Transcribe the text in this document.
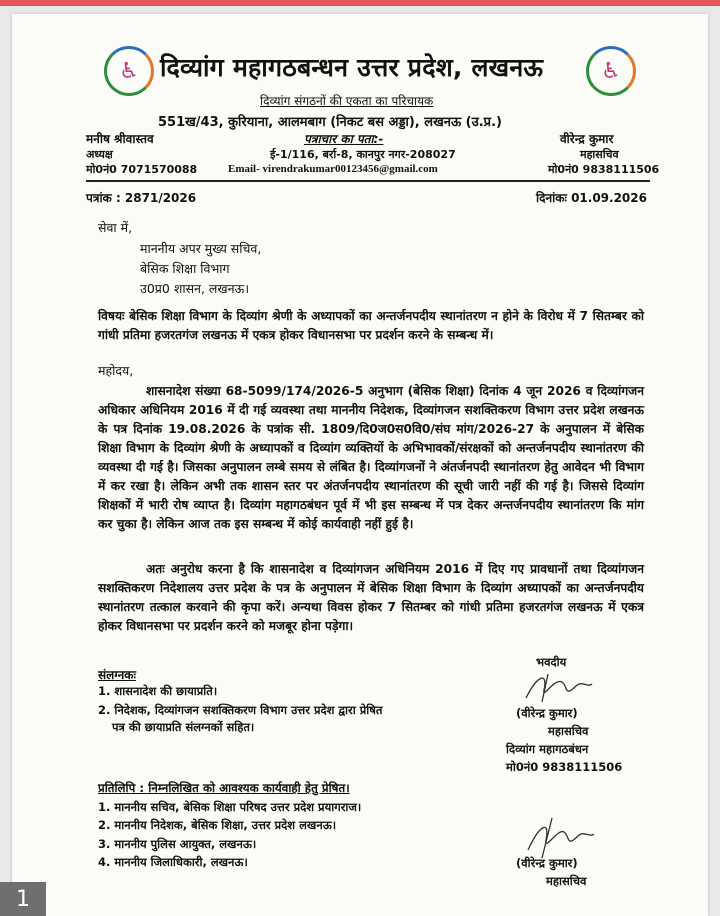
♿	♿
दिव्यांग महागठबन्धन उत्तर प्रदेश, लखनऊ
दिव्यांग संगठनों की एकता का परिचायक
551ख/43, कुरियाना, आलमबाग (निकट बस अड्डा), लखनऊ (उ.प्र.)
मनीष श्रीवास्तव
अध्यक्ष
मो0नं0 7071570088
पत्राचार का पता:-
ई-1/116, बर्रा-8, कानपुर नगर-208027
Email- virendrakumar00123456@gmail.com
वीरेन्द्र कुमार
महासचिव
मो0नं0 9838111506
पत्रांक : 2871/2026	दिनांकः 01.09.2026
सेवा में,
माननीय अपर मुख्य सचिव,
बेसिक शिक्षा विभाग
उ0प्र0 शासन, लखनऊ।
विषयः बेसिक शिक्षा विभाग के दिव्यांग श्रेणी के अध्यापकों का अन्तर्जनपदीय स्थानांतरण न होने के विरोध में 7 सितम्बर को गांधी प्रतिमा हजरतगंज लखनऊ में एकत्र होकर विधानसभा पर प्रदर्शन करने के सम्बन्ध में।
महोदय,
शासनादेश संख्या 68-5099/174/2026-5 अनुभाग (बेसिक शिक्षा) दिनांक 4 जून 2026 व दिव्यांगजन अधिकार अधिनियम 2016 में दी गई व्यवस्था तथा माननीय निदेशक, दिव्यांगजन सशक्तिकरण विभाग उत्तर प्रदेश लखनऊ के पत्र दिनांक 19.08.2026 के पत्रांक सी. 1809/दि0ज0स0वि0/संघ मांग/2026-27 के अनुपालन में बेसिक शिक्षा विभाग के दिव्यांग श्रेणी के अध्यापकों व दिव्यांग व्यक्तियों के अभिभावकों/संरक्षकों को अन्तर्जनपदीय स्थानांतरण की व्यवस्था दी गई है। जिसका अनुपालन लम्बे समय से लंबित है। दिव्यांगजनों ने अंतर्जनपदी स्थानांतरण हेतु आवेदन भी विभाग में कर रखा है। लेकिन अभी तक शासन स्तर पर अंतर्जनपदीय स्थानांतरण की सूची जारी नहीं की गई है। जिससे दिव्यांग शिक्षकों में भारी रोष व्याप्त है। दिव्यांग महागठबंधन पूर्व में भी इस सम्बन्ध में पत्र देकर अन्तर्जनपदीय स्थानांतरण कि मांग कर चुका है। लेकिन आज तक इस सम्बन्ध में कोई कार्यवाही नहीं हुई है।
अतः अनुरोध करना है कि शासनादेश व दिव्यांगजन अधिनियम 2016 में दिए गए प्रावधानों तथा दिव्यांगजन सशक्तिकरण निदेशालय उत्तर प्रदेश के पत्र के अनुपालन में बेसिक शिक्षा विभाग के दिव्यांग अध्यापकों का अन्तर्जनपदीय स्थानांतरण तत्काल करवाने की कृपा करें। अन्यथा विवस होकर 7 सितम्बर को गांधी प्रतिमा हजरतगंज लखनऊ में एकत्र होकर विधानसभा पर प्रदर्शन करने को मजबूर होना पड़ेगा।
संलग्नकः
1. शासनादेश की छायाप्रति।
2. निदेशक, दिव्यांगजन सशक्तिकरण विभाग उत्तर प्रदेश द्वारा प्रेषित
पत्र की छायाप्रति संलग्नकों सहित।
भवदीय
(वीरेन्द्र कुमार)
महासचिव
दिव्यांग महागठबंधन
मो0नं0 9838111506
प्रतिलिपि : निम्नलिखित को आवश्यक कार्यवाही हेतु प्रेषित।
1. माननीय सचिव, बेसिक शिक्षा परिषद उत्तर प्रदेश प्रयागराज।
2. माननीय निदेशक, बेसिक शिक्षा, उत्तर प्रदेश लखनऊ।
3. माननीय पुलिस आयुक्त, लखनऊ।
4. माननीय जिलाधिकारी, लखनऊ।	(वीरेन्द्र कुमार)
महासचिव
1
